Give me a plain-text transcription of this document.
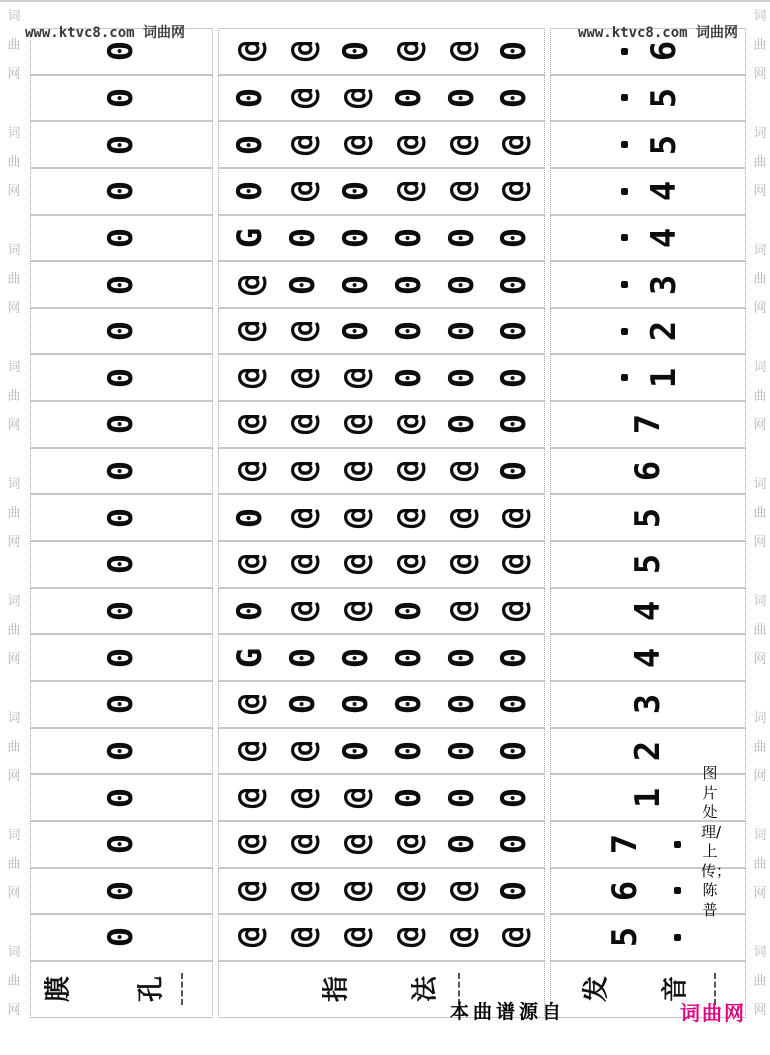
词
曲
网
词
曲
网
词
曲
网
词
曲
网
词
曲
网
词
曲
网
词
曲
网
词
曲
网
词
曲
网
词
曲
网
词
曲
网
词
曲
网
词
曲
网
词
曲
网
词
曲
网
词
曲
网
词
曲
网
词
曲
网
www.ktvc8.com 词曲网	www.ktvc8.com 词曲网
0	@ @ 0 @ @ 0	6
0	0 @ @ 0 0 0	5
0	0 @ @ @ @ @	5
0	0 @ 0 @ @ @	4
0	G 0 0 0 0 0	4
0	@ 0 0 0 0 0	3
0	@ @ 0 0 0 0	2
0	@ @ @ 0 0 0	1
0	@ @ @ @ 0 0	7
0	@ @ @ @ @ 0	6
0	0 @ @ @ @ @	5
0	@ @ @ @ @ @	5
0	0 @ @ 0 @ @	4
0	G 0 0 0 0 0	4
0	@ 0 0 0 0 0	3
0	@ @ 0 0 0 0	2
0	@ @ @ 0 0 0	1
0	@ @ @ @ 0 0 7
0	@ @ @ @ @ 0 6
0	@ @ @ @ @ @ 5
膜 孔	指 法	发 音
图片处理/上传；陈普
本曲谱源自	词曲网
